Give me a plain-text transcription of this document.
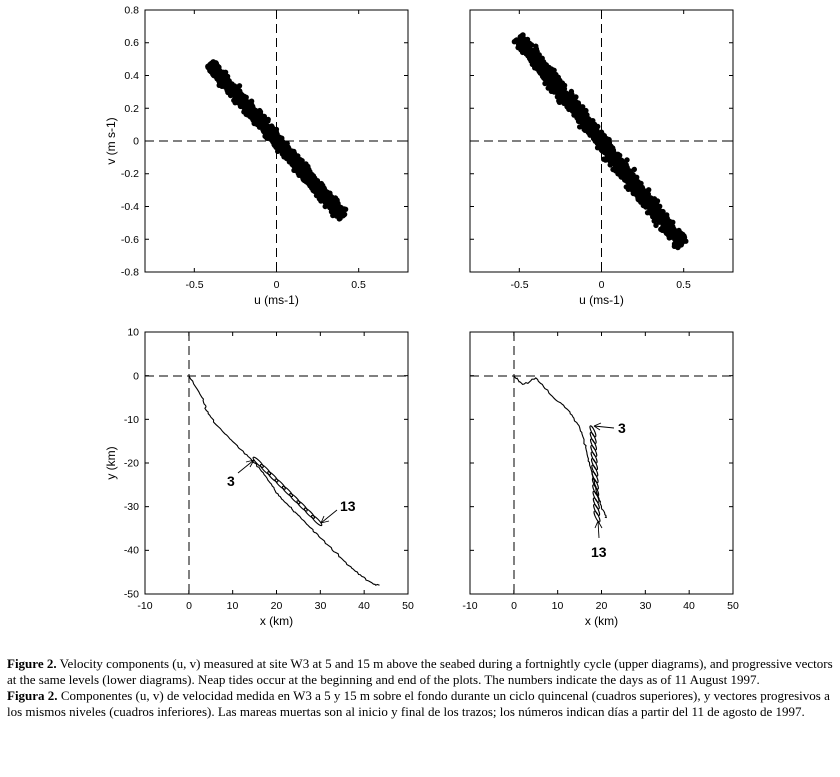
-0.8
-0.6
-0.4
-0.2
0
0.2
0.4
0.6
0.8
-0.5	0	0.5
u (ms-1)
v (m s-1)
-0.5	0	0.5
u (ms-1)
10
0
-10
-20
-30
-40
-50
-10	0	10	20	30	40	50
x (km)
y (km)
3
13
-10	0	10	20	30	40	50
x (km)
3
13

Figure 2. Velocity components (u, v) measured at site W3 at 5 and 15 m above the seabed during a fortnightly cycle (upper diagrams), and progressive vectors at the same levels (lower diagrams). Neap tides occur at the beginning and end of the plots. The numbers indicate the days as of 11 August 1997.

Figura 2. Componentes (u, v) de velocidad medida en W3 a 5 y 15 m sobre el fondo durante un ciclo quincenal (cuadros superiores), y vectores progresivos a los mismos niveles (cuadros inferiores). Las mareas muertas son al inicio y final de los trazos; los números indican días a partir del 11 de agosto de 1997.
